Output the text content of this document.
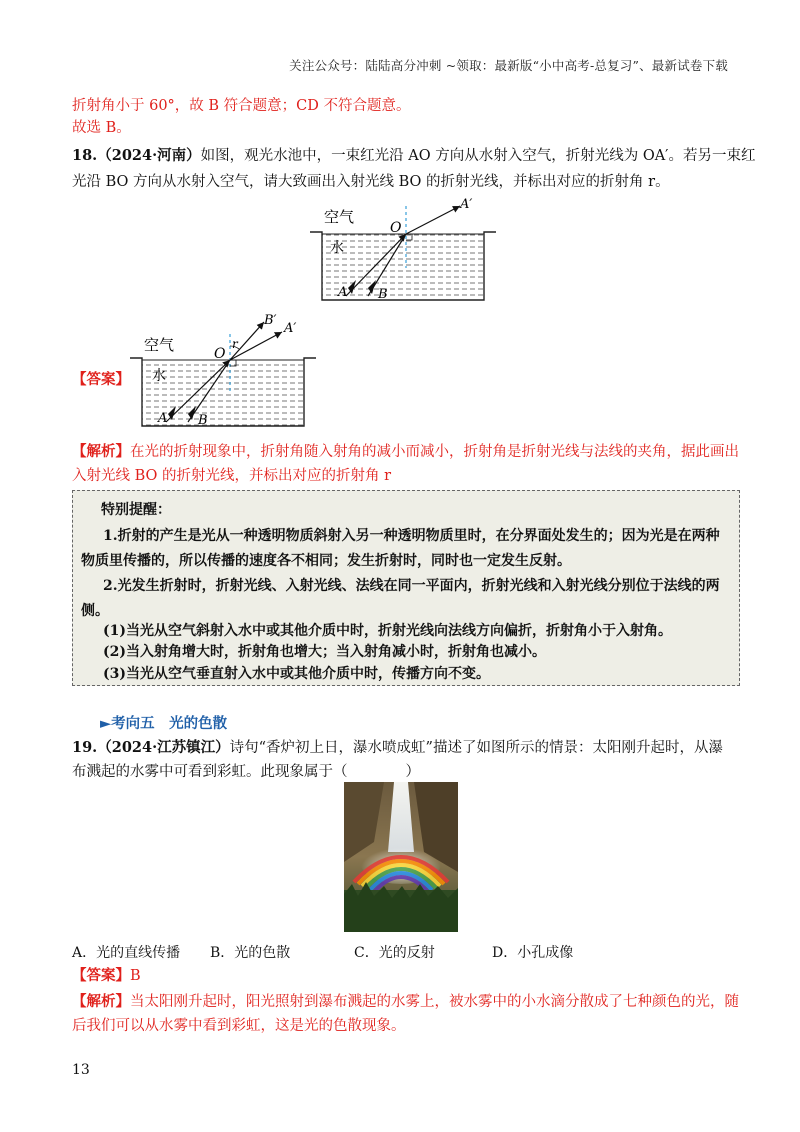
关注公众号：陆陆高分冲刺 ~领取：最新版“小中高考-总复习”、最新试卷下载
折射角小于 60°，故 B 符合题意；CD 不符合题意。
故选 B。
18.（2024·河南）如图，观光水池中，一束红光沿 AO 方向从水射入空气，折射光线为 OA′。若另一束红
光沿 BO 方向从水射入空气，请大致画出入射光线 BO 的折射光线，并标出对应的折射角 r。
空气
水
O
A B
A′
【答案】
空气
水
O
A B
A′
B′
r
【解析】在光的折射现象中，折射角随入射角的减小而减小，折射角是折射光线与法线的夹角，据此画出
入射光线 BO 的折射光线，并标出对应的折射角 r
特别提醒：
1.折射的产生是光从一种透明物质斜射入另一种透明物质里时，在分界面处发生的；因为光是在两种
物质里传播的，所以传播的速度各不相同；发生折射时，同时也一定发生反射。
2.光发生折射时，折射光线、入射光线、法线在同一平面内，折射光线和入射光线分别位于法线的两
侧。
(1)当光从空气斜射入水中或其他介质中时，折射光线向法线方向偏折，折射角小于入射角。
(2)当入射角增大时，折射角也增大；当入射角减小时，折射角也减小。
(3)当光从空气垂直射入水中或其他介质中时，传播方向不变。
►考向五　光的色散
19.（2024·江苏镇江）诗句“香炉初上日，瀑水喷成虹”描述了如图所示的情景：太阳刚升起时，从瀑
布溅起的水雾中可看到彩虹。此现象属于（　　　　）
A．光的直线传播 B．光的色散	C．光的反射	D．小孔成像
【答案】B
【解析】当太阳刚升起时，阳光照射到瀑布溅起的水雾上，被水雾中的小水滴分散成了七种颜色的光，随
后我们可以从水雾中看到彩虹，这是光的色散现象。
13
